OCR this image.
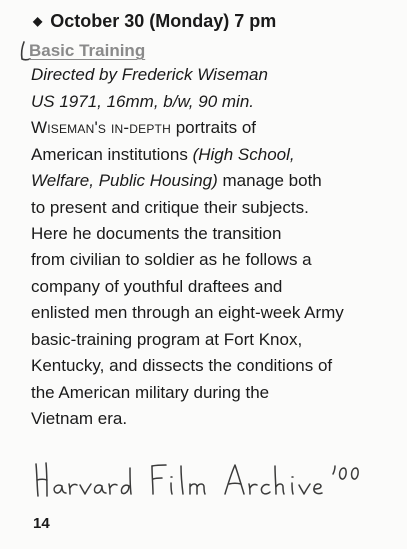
◆ October 30 (Monday) 7 pm
Basic Training
Directed by Frederick Wiseman
US 1971, 16mm, b/w, 90 min.
Wiseman's in-depth portraits of
American institutions (High School,
Welfare, Public Housing) manage both
to present and critique their subjects.
Here he documents the transition
from civilian to soldier as he follows a
company of youthful draftees and
enlisted men through an eight-week Army
basic-training program at Fort Knox,
Kentucky, and dissects the conditions of
the American military during the
Vietnam era.
14
